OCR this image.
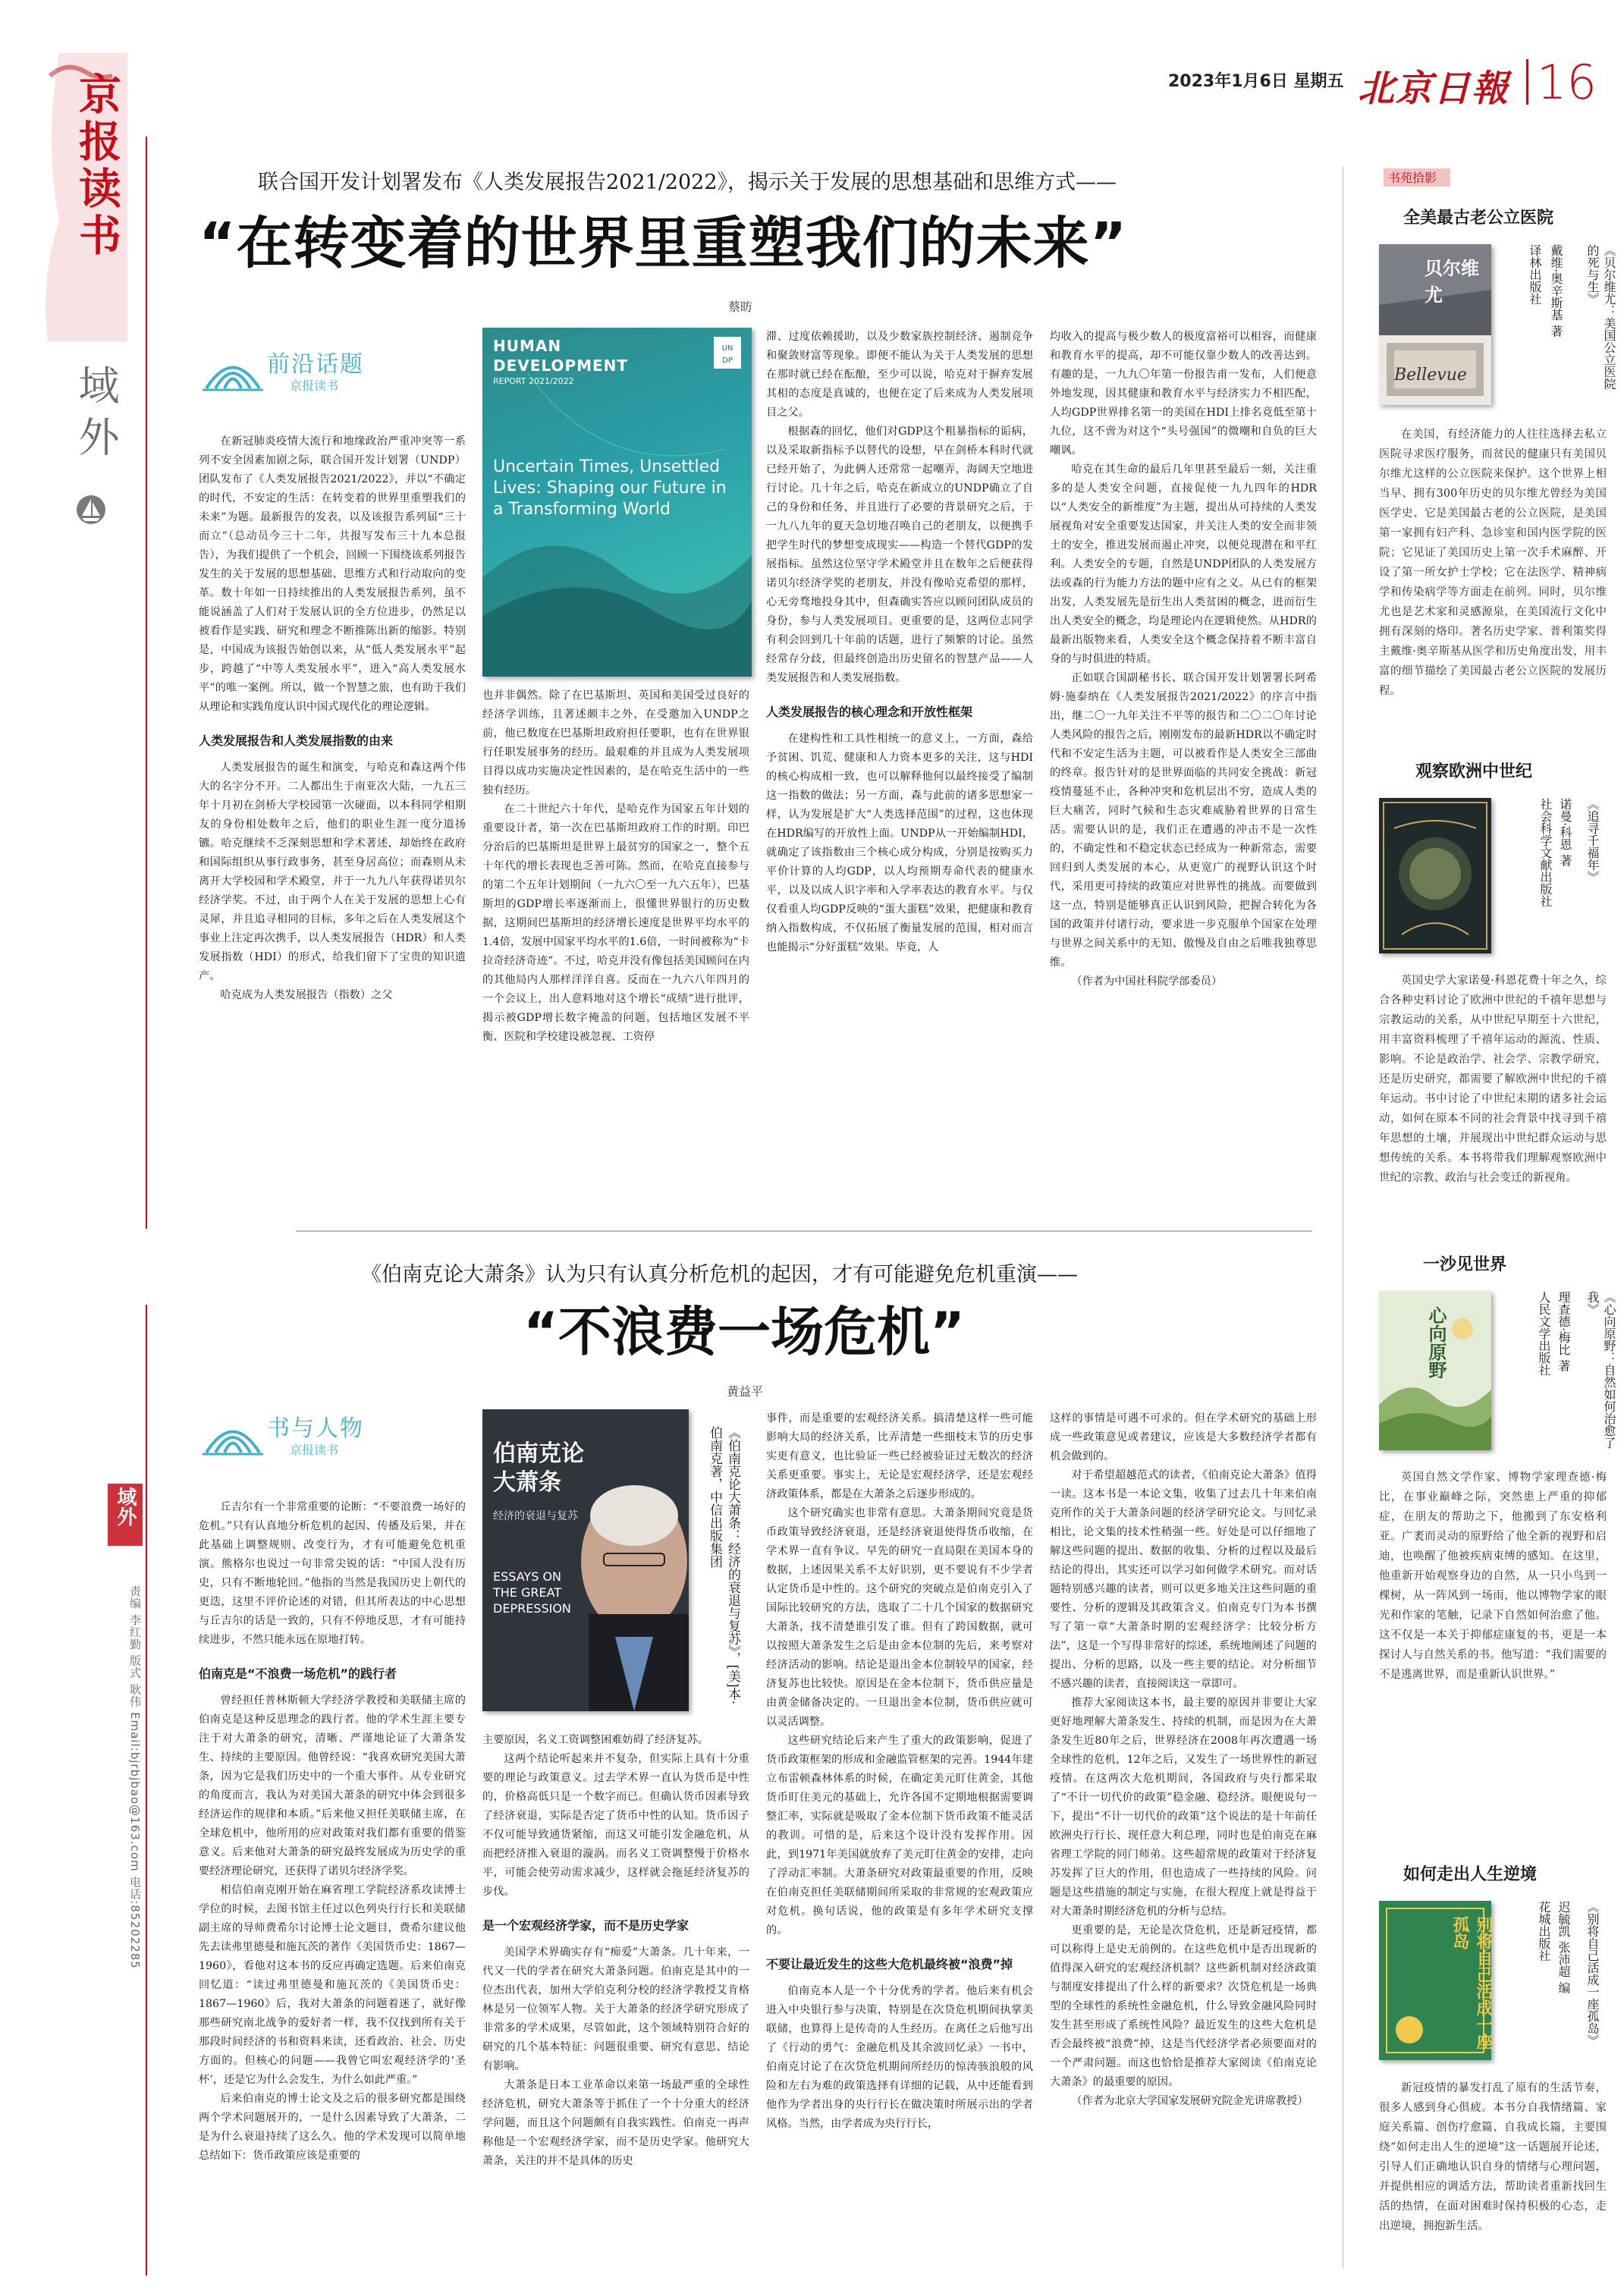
2023年1月6日 星期五 北京日報 16
京报读书
域外
联合国开发计划署发布《人类发展报告2021/2022》，揭示关于发展的思想基础和思维方式——
“在转变着的世界里重塑我们的未来”
蔡昉
前沿话题
京报读书
UN
DP
HUMAN
DEVELOPMENT
REPORT 2021/2022
Uncertain Times, Unsettled Lives: Shaping our Future in a Transforming World

在新冠肺炎疫情大流行和地缘政治严重冲突等一系列不安全因素加剧之际，联合国开发计划署（UNDP）团队发布了《人类发展报告2021/2022》，并以“不确定的时代，不安定的生活：在转变着的世界里重塑我们的未来”为题。最新报告的发表，以及该报告系列届“三十而立”（总动员今三十二年，共报写发布三十九本总报告），为我们提供了一个机会，回顾一下围绕该系列报告发生的关于发展的思想基础、思维方式和行动取向的变革。数十年如一日持续推出的人类发展报告系列，虽不能说涵盖了人们对于发展认识的全方位进步，仍然足以被看作是实践、研究和理念不断推陈出新的缩影。特别是，中国成为该报告始创以来，从“低人类发展水平”起步，跨越了“中等人类发展水平”，进入“高人类发展水平”的唯一案例。所以，做一个智慧之旅，也有助于我们从理论和实践角度认识中国式现代化的理论逻辑。

人类发展报告和人类发展指数的由来

人类发展报告的诞生和演变，与哈克和森这两个伟大的名字分不开。二人都出生于南亚次大陆，一九五三年十月初在剑桥大学校园第一次碰面，以本科同学相期友的身份相处数年之后，他们的职业生涯一度分道扬镳。哈克继续不乏深刻思想和学术著述，却始终在政府和国际组织从事行政事务，甚至身居高位；而森则从未离开大学校园和学术殿堂，并于一九九八年获得诺贝尔经济学奖。不过，由于两个人在关于发展的思想上心有灵犀，并且追寻相同的目标，多年之后在人类发展这个事业上注定再次携手，以人类发展报告（HDR）和人类发展指数（HDI）的形式，给我们留下了宝贵的知识遗产。

哈克成为人类发展报告（指数）之父

也并非偶然。除了在巴基斯坦、英国和美国受过良好的经济学训练，且著述颇丰之外，在受邀加入UNDP之前，他已数度在巴基斯坦政府担任要职，也有在世界银行任职发展事务的经历。最艰难的并且成为人类发展项目得以成功实施决定性因素的，是在哈克生活中的一些独有经历。

在二十世纪六十年代，是哈克作为国家五年计划的重要设计者，第一次在巴基斯坦政府工作的时期。印巴分治后的巴基斯坦是世界上最贫穷的国家之一，整个五十年代的增长表现也乏善可陈。然而，在哈克直接参与的第二个五年计划期间（一九六〇至一九六五年），巴基斯坦的GDP增长率逐渐而上，很懂世界银行的历史数据，这期间巴基斯坦的经济增长速度是世界平均水平的1.4倍，发展中国家平均水平的1.6倍，一时间被称为“卡拉奇经济奇迹”。不过，哈克并没有像包括美国顾问在内的其他局内人那样洋洋自喜。反而在一九六八年四月的一个会议上，出人意料地对这个增长“成绩”进行批评，揭示被GDP增长数字掩盖的问题，包括地区发展不平衡、医院和学校建设被忽视、工资停

滞、过度依赖援助，以及少数家族控制经济、遏制竞争和聚敛财富等现象。即便不能认为关于人类发展的思想在那时就已经在酝酿，至少可以说，哈克对于摒弃发展其相的态度是真诚的，也便在定了后来成为人类发展项目之父。

根据森的回忆，他们对GDP这个粗暴指标的诟病，以及采取新指标予以替代的设想，早在剑桥本科时代就已经开始了，为此俩人还常常一起嘲弄，海阔天空地进行讨论。几十年之后，哈克在新成立的UNDP确立了自己的身份和任务，并且进行了必要的背景研究之后，于一九八九年的夏天急切地召唤自己的老朋友，以便携手把学生时代的梦想变成现实——构造一个替代GDP的发展指标。虽然这位坚守学术殿堂并且在数年之后便获得诺贝尔经济学奖的老朋友，并没有像哈克希望的那样，心无旁骛地投身其中，但森确实答应以顾问团队成员的身份，参与人类发展项目。更重要的是，这两位志同学有利会回到几十年前的话题，进行了频繁的讨论。虽然经常存分歧，但最终创造出历史留名的智慧产品——人类发展报告和人类发展指数。

人类发展报告的核心理念和开放性框架

在建构性和工具性相统一的意义上，一方面，森给予贫困、饥荒、健康和人力资本更多的关注，这与HDI的核心构成相一致，也可以解释他何以最终接受了编制这一指数的做法；另一方面，森与此前的诸多思想家一样，认为发展是扩大“人类选择范围”的过程，这也体现在HDR编写的开放性上面。UNDP从一开始编制HDI，就确定了该指数由三个核心成分构成，分别是按购买力平价计算的人均GDP，以人均预期寿命代表的健康水平，以及以成人识字率和入学率表达的教育水平。与仅仅看重人均GDP反映的“蛋大蛋糕”效果，把健康和教育纳入指数构成，不仅拓展了衡量发展的范围，相对而言也能揭示“分好蛋糕”效果。毕竟，人

均收入的提高与极少数人的极度富裕可以相容，而健康和教育水平的提高，却不可能仅靠少数人的改善达到。有趣的是，一九九〇年第一份报告甫一发布，人们便意外地发现，因其健康和教育水平与经济实力不相匹配，人均GDP世界排名第一的美国在HDI上排名竟低至第十九位，这不啻为对这个“头号强国”的微嘲和自负的巨大嘲讽。

哈克在其生命的最后几年里甚至最后一刻，关注重多的是人类安全问题，直接促使一九九四年的HDR以“人类安全的新维度”为主题，提出从可持续的人类发展视角对安全重要发达国家，并关注人类的安全而非领土的安全，推进发展而遏止冲突，以便兑现潜在和平红利。人类安全的专题，自然是UNDP团队的人类发展方法或森的行为能力方法的题中应有之义。从已有的框架出发，人类发展先是衍生出人类贫困的概念，进而衍生出人类安全的概念，均是理论内在逻辑使然。从HDR的最新出版物来看，人类安全这个概念保持着不断丰富自身的与时俱进的特质。

正如联合国副秘书长、联合国开发计划署署长阿希姆·施泰纳在《人类发展报告2021/2022》的序言中指出，继二〇一九年关注不平等的报告和二〇二〇年讨论人类风险的报告之后，刚刚发布的最新HDR以不确定时代和不安定生活为主题，可以被看作是人类安全三部曲的终章。报告针对的是世界面临的共同安全挑战：新冠疫情蔓延不止，各种冲突和危机层出不穷，造成人类的巨大痛苦，同时气候和生态灾难威胁着世界的日常生活。需要认识的是，我们正在遭遇的冲击不是一次性的，不确定性和不稳定状态已经成为一种新常态，需要回归到人类发展的本心，从更宽广的视野认识这个时代，采用更可持续的政策应对世界性的挑战。而要做到这一点，特别是能够真正认识到风险，把握合转化为各国的政策并付诸行动，要求进一步克服单个国家在处理与世界之间关系中的无知、傲慢及自由之后唯我独尊思维。

（作者为中国社科院学部委员）

《伯南克论大萧条》认为只有认真分析危机的起因，才有可能避免危机重演——
“不浪费一场危机”
黄益平
书与人物
京报读书	伯南克论大萧条
经济的衰退与复苏
ESSAYS ON THE GREAT DEPRESSION	《伯南克论大萧条：经济的衰退与复苏》，[美]本·伯南克著，中信出版集团
域外
责编 李红勤 版式 耿伟 Email:bjrbjbao@163.com 电话:85202285

丘吉尔有一个非常重要的论断：“不要浪费一场好的危机。”只有认真地分析危机的起因、传播及后果，并在此基础上调整规则、改变行为，才有可能避免危机重演。熊格尔也说过一句非常尖锐的话：“中国人没有历史，只有不断地轮回。”他指的当然是我国历史上朝代的更迭，这里不评价论述的对错，但其所表达的中心思想与丘吉尔的话是一致的，只有不停地反思，才有可能持续进步，不然只能永远在原地打转。

伯南克是“不浪费一场危机”的践行者

曾经担任普林斯顿大学经济学教授和美联储主席的伯南克是这种反思理念的践行者。他的学术生涯主要专注于对大萧条的研究，清晰、严谨地论证了大萧条发生、持续的主要原因。他曾经说：“我喜欢研究美国大萧条，因为它是我们历史中的一个重大事件。从专业研究的角度而言，我认为对美国大萧条的研究中体会到很多经济运作的规律和本质。”后来他又担任美联储主席，在全球危机中，他所用的应对政策对我们都有重要的借鉴意义。后来他对大萧条的研究最终发展成为历史学的重要经济理论研究，还获得了诺贝尔经济学奖。

相信伯南克刚开始在麻省理工学院经济系攻读博士学位的时候，去图书馆主任过以色列央行行长和美联储副主席的导师费希尔讨论博士论文题目，费希尔建议他先去读弗里德曼和施瓦茨的著作《美国货币史：1867—1960》，看他对这本书的反应再确定选题。后来伯南克回忆道：“读过弗里德曼和施瓦茨的《美国货币史：1867—1960》后，我对大萧条的问题着迷了，就好像那些研究南北战争的爱好者一样，我不仅找到所有关于那段时间经济的书和资料来读，还看政治、社会、历史方面的。但核心的问题——我曾它叫宏观经济学的‘圣杯’，还是它为什么会发生，为什么如此严重。”

后来伯南克的博士论文及之后的很多研究都是围绕两个学术问题展开的，一是什么因素导致了大萧条，二是为什么衰退持续了这么久。他的学术发现可以简单地总结如下：货币政策应该是重要的

主要原因，名义工资调整困难妨碍了经济复苏。

这两个结论听起来并不复杂，但实际上具有十分重要的理论与政策意义。过去学术界一直认为货币是中性的，价格高低只是一个数字而已。但确认货币因素导致了经济衰退，实际是否定了货币中性的认知。货币因子不仅可能导致通货紧缩，而这又可能引发金融危机，从而把经济推入衰退的漩涡。而名义工资调整慢于价格水平，可能会使劳动需求减少，这样就会拖延经济复苏的步伐。

是一个宏观经济学家，而不是历史学家

美国学术界确实存有“痴爱”大萧条。几十年来，一代又一代的学者在研究大萧条问题。伯南克是其中的一位杰出代表，加州大学伯克利分校的经济学教授艾肯格林是另一位领军人物。关于大萧条的经济学研究形成了非常多的学术成果，尽管如此，这个领域特别符合好的研究的几个基本特征：问题很重要、研究有意思、结论有影响。

大萧条是日本工业革命以来第一场最严重的全球性经济危机，研究大萧条等于抓住了一个十分重大的经济学问题，而且这个问题颇有自我实践性。伯南克一再声称他是一个宏观经济学家，而不是历史学家。他研究大萧条，关注的并不是具体的历史

事件，而是重要的宏观经济关系。搞清楚这样一些可能影响大局的经济关系，比弄清楚一些细枝末节的历史事实更有意义，也比验证一些已经被验证过无数次的经济关系更重要。事实上，无论是宏观经济学，还是宏观经济政策体系，都是在大萧条之后逐步形成的。

这个研究确实也非常有意思。大萧条期间究竟是货币政策导致经济衰退，还是经济衰退使得货币收缩，在学术界一直有争议。早先的研究一直局限在美国本身的数据，上述因果关系不太好识别，更不要说有不少学者认定货币是中性的。这个研究的突破点是伯南克引入了国际比较研究的方法，选取了二十几个国家的数据研究大萧条，找不清楚谁引发了谁。但有了跨国数据，就可以按照大萧条发生之后是由金本位制的先后，来考察对经济活动的影响。结论是退出金本位制较早的国家，经济复苏也比较快。原因是在金本位制下，货币供应量是由黄金储备决定的。一旦退出金本位制，货币供应就可以灵活调整。

这些研究结论后来产生了重大的政策影响，促进了货币政策框架的形成和金融监管框架的完善。1944年建立布雷顿森林体系的时候，在确定美元盯住黄金，其他货币盯住美元的基础上，允许各国不定期地根据需要调整汇率，实际就是吸取了金本位制下货币政策不能灵活的教训。可惜的是，后来这个设计没有发挥作用。因此，到1971年美国就放弃了美元盯住黄金的安排，走向了浮动汇率制。大萧条研究对政策最重要的作用，反映在伯南克担任美联储期间所采取的非常规的宏观政策应对危机。换句话说，他的政策是有多年学术研究支撑的。

不要让最近发生的这些大危机最终被“浪费”掉

伯南克本人是一个十分优秀的学者。他后来有机会进入中央银行参与决策，特别是在次贷危机期间执掌美联储，也算得上是传奇的人生经历。在离任之后他写出了《行动的勇气：金融危机及其余波回忆录》一书中，伯南克讨论了在次贷危机期间所经历的惊涛骇浪般的风险和左右为难的政策选择有详细的记载，从中还能看到他作为学者出身的央行行长在做决策时所展示出的学者风格。当然，由学者成为央行行长，

这样的事情是可遇不可求的。但在学术研究的基础上形成一些政策意见或者建议，应该是大多数经济学者都有机会做到的。

对于希望超越范式的读者，《伯南克论大萧条》值得一读。这本书是一本论文集，收集了过去几十年来伯南克所作的关于大萧条问题的经济学研究论文。与回忆录相比，论文集的技术性稍强一些。好处是可以仔细地了解这些问题的提出、数据的收集、分析的过程以及最后结论的得出，其实还可以学习如何做学术研究。而对话题特别感兴趣的读者，则可以更多地关注这些问题的重要性、分析的逻辑及其政策含义。伯南克专门为本书撰写了第一章“大萧条时期的宏观经济学：比较分析方法”，这是一个写得非常好的综述，系统地阐述了问题的提出、分析的思路，以及一些主要的结论。对分析细节不感兴趣的读者，直接阅读这一章即可。

推荐大家阅读这本书，最主要的原因并非要让大家更好地理解大萧条发生、持续的机制，而是因为在大萧条发生近80年之后，世界经济在2008年再次遭遇一场全球性的危机，12年之后，又发生了一场世界性的新冠疫情。在这两次大危机期间，各国政府与央行都采取了“不计一切代价的政策”稳金融、稳经济。眼便说句一下，提出“不计一切代价的政策”这个说法的是十年前任欧洲央行行长、现任意大利总理，同时也是伯南克在麻省理工学院的同门师弟。这些超常规的政策对于经济复苏发挥了巨大的作用，但也造成了一些持续的风险。问题是这些措施的制定与实施，在很大程度上就是得益于对大萧条时期经济危机的分析与总结。

更重要的是，无论是次贷危机，还是新冠疫情，都可以称得上是史无前例的。在这些危机中是否出现新的值得深入研究的宏观经济机制？这些新机制对经济政策与制度安排提出了什么样的新要求？次贷危机是一场典型的全球性的系统性金融危机，什么导致金融风险同时发生甚至形成了系统性风险？最近发生的这些大危机是否会最终被“浪费”掉，这是当代经济学者必须要面对的一个严肃问题。而这也恰恰是推荐大家阅读《伯南克论大萧条》的最重要的原因。

（作者为北京大学国家发展研究院金光讲席教授）

书苑拾影
全美最古老公立医院
贝尔维尤
Bellevue	《贝尔维尤：美国公立医院的死与生》
戴维·奥辛斯基 著
译林出版社

在美国，有经济能力的人往往选择去私立医院寻求医疗服务，而贫民的健康只有美国贝尔维尤这样的公立医院来保护。这个世界上相当早、拥有300年历史的贝尔维尤曾经为美国医学史、它是美国最古老的公立医院，是美国第一家拥有妇产科、急诊室和国内医学院的医院；它见证了美国历史上第一次手术麻醉、开设了第一所女护士学校；它在法医学、精神病学和传染病学等方面走在前列。同时，贝尔维尤也是艺术家和灵感源泉，在美国流行文化中拥有深刻的烙印。著名历史学家、普利策奖得主戴维·奥辛斯基从医学和历史角度出发，用丰富的细节描绘了美国最古老公立医院的发展历程。

观察欧洲中世纪
《追寻千福年》
诺曼·科恩 著
社会科学文献出版社

英国史学大家诺曼·科恩花费十年之久，综合各种史料讨论了欧洲中世纪的千禧年思想与宗教运动的关系，从中世纪早期至十六世纪，用丰富资料梳理了千禧年运动的源流、性质、影响。不论是政治学、社会学、宗教学研究，还是历史研究，都需要了解欧洲中世纪的千禧年运动。书中讨论了中世纪末期的诸多社会运动，如何在原本不同的社会背景中找寻到千禧年思想的土壤，并展现出中世纪群众运动与思想传统的关系。本书将带我们理解观察欧洲中世纪的宗教、政治与社会变迁的新视角。

一沙见世界
心向原野	《心向原野：自然如何治愈了我》
理查德·梅比 著
人民文学出版社

英国自然文学作家、博物学家理查德·梅比，在事业巅峰之际，突然患上严重的抑郁症，在朋友的帮助之下，他搬到了东安格利亚。广袤而灵动的原野给了他全新的视野和启迪，也唤醒了他被疾病束缚的感知。在这里，他重新开始观察身边的自然，从一只小鸟到一棵树，从一阵风到一场雨，他以博物学家的眼光和作家的笔触，记录下自然如何治愈了他。这不仅是一本关于抑郁症康复的书，更是一本探讨人与自然关系的书。他写道：“我们需要的不是逃离世界，而是重新认识世界。”

如何走出人生逆境
别将自己活成一座孤岛	《别将自己活成一座孤岛》
迟毓凯 张沛超 编
花城出版社

新冠疫情的暴发打乱了原有的生活节奏，很多人感到身心俱疲。本书分自我情绪篇、家庭关系篇、创伤疗愈篇、自我成长篇，主要围绕“如何走出人生的逆境”这一话题展开论述，引导人们正确地认识自身的情绪与心理问题，并提供相应的调适方法，帮助读者重新找回生活的热情，在面对困难时保持积极的心态，走出逆境，拥抱新生活。
